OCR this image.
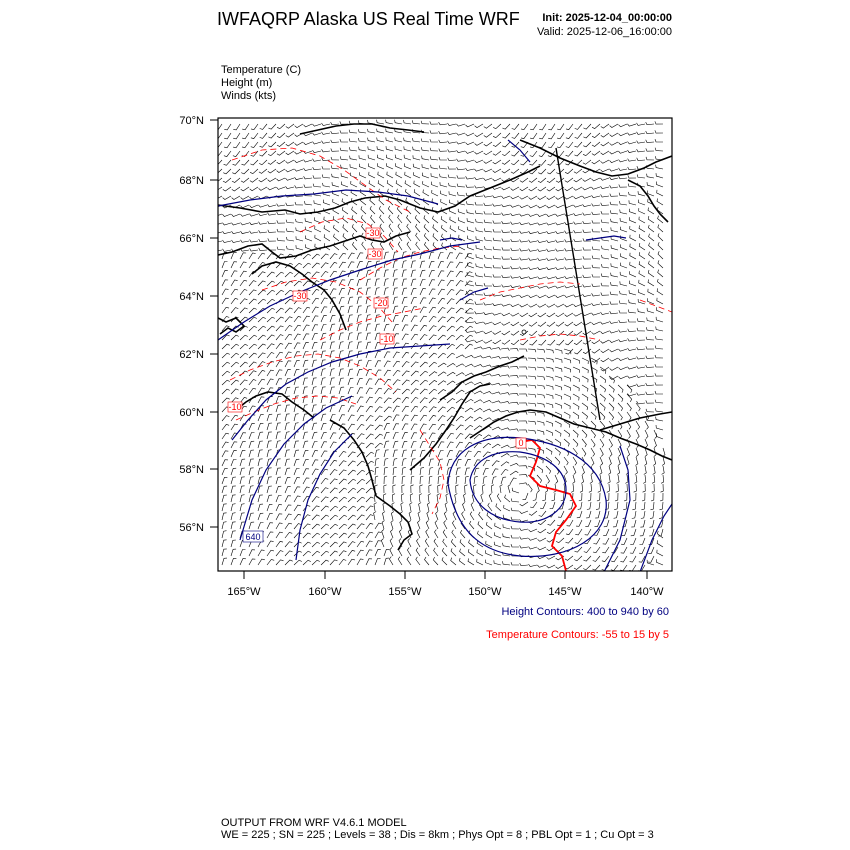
IWFAQRP Alaska US Real Time WRF Init: 2025-12-04_00:00:00
Valid: 2025-12-06_16:00:00
Temperature (C)
Height (m)
Winds (kts)
70°N
68°N
66°N
64°N
62°N
60°N
58°N
56°N
165°W	160°W	155°W	150°W	145°W	140°W
-30
-30
-30
-20
-10
-10
0
640
Height Contours: 400 to 940 by 60
Temperature Contours: -55 to 15 by 5
OUTPUT FROM WRF V4.6.1 MODEL
WE = 225 ; SN = 225 ; Levels = 38 ; Dis = 8km ; Phys Opt = 8 ; PBL Opt = 1 ; Cu Opt = 3
